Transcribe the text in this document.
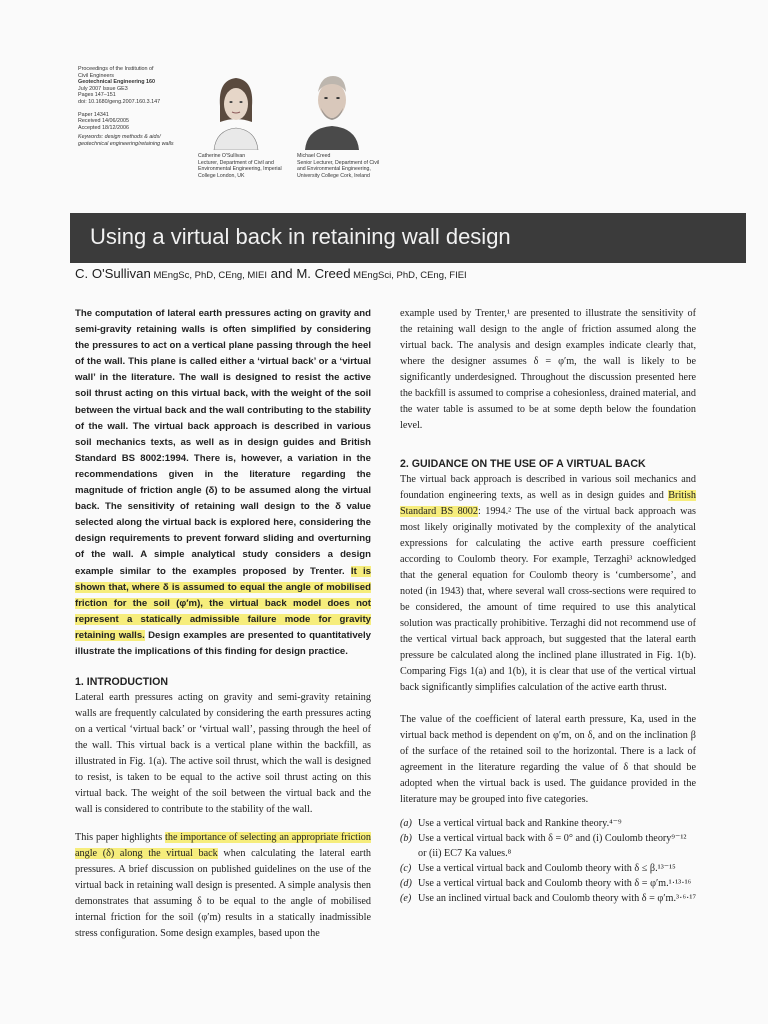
Proceedings of the Institution of
Civil Engineers
Geotechnical Engineering 160
July 2007 Issue GE3
Pages 147–151
doi: 10.1680/geng.2007.160.3.147
Paper 14341
Received 14/06/2005
Accepted 18/12/2006
Keywords: design methods & aids/ geotechnical engineering/retaining walls
Catherine O'Sullivan
Lecturer, Department of Civil and Environmental Engineering, Imperial College London, UK
Michael Creed
Senior Lecturer, Department of Civil and Environmental Engineering, University College Cork, Ireland
Using a virtual back in retaining wall design
C. O'Sullivan MEngSc, PhD, CEng, MIEI and M. Creed MEngSci, PhD, CEng, FIEI

The computation of lateral earth pressures acting on gravity and semi-gravity retaining walls is often simplified by considering the pressures to act on a vertical plane passing through the heel of the wall. This plane is called either a ‘virtual back’ or a ‘virtual wall’ in the literature. The wall is designed to resist the active soil thrust acting on this virtual back, with the weight of the soil between the virtual back and the wall contributing to the stability of the wall. The virtual back approach is described in various soil mechanics texts, as well as in design guides and British Standard BS 8002:1994. There is, however, a variation in the recommendations given in the literature regarding the magnitude of friction angle (δ) to be assumed along the virtual back. The sensitivity of retaining wall design to the δ value selected along the virtual back is explored here, considering the design requirements to prevent forward sliding and overturning of the wall. A simple analytical study considers a design example similar to the examples proposed by Trenter. It is shown that, where δ is assumed to equal the angle of mobilised friction for the soil (φ′m), the virtual back model does not represent a statically admissible failure mode for gravity retaining walls. Design examples are presented to quantitatively illustrate the implications of this finding for design practice.

1. INTRODUCTION

Lateral earth pressures acting on gravity and semi-gravity retaining walls are frequently calculated by considering the earth pressures acting on a vertical ‘virtual back’ or ‘virtual wall’, passing through the heel of the wall. This virtual back is a vertical plane within the backfill, as illustrated in Fig. 1(a). The active soil thrust, which the wall is designed to resist, is taken to be equal to the active soil thrust acting on this virtual back. The weight of the soil between the virtual back and the wall is considered to contribute to the stability of the wall.

This paper highlights the importance of selecting an appropriate friction angle (δ) along the virtual back when calculating the lateral earth pressures. A brief discussion on published guidelines on the use of the virtual back in retaining wall design is presented. A simple analysis then demonstrates that assuming δ to be equal to the angle of mobilised internal friction for the soil (φ′m) results in a statically inadmissible stress configuration. Some design examples, based upon the

example used by Trenter,¹ are presented to illustrate the sensitivity of the retaining wall design to the angle of friction assumed along the virtual back. The analysis and design examples indicate clearly that, where the designer assumes δ = φ′m, the wall is likely to be significantly underdesigned. Throughout the discussion presented here the backfill is assumed to comprise a cohesionless, drained material, and the water table is assumed to be at some depth below the foundation level.

2. GUIDANCE ON THE USE OF A VIRTUAL BACK

The virtual back approach is described in various soil mechanics and foundation engineering texts, as well as in design guides and British Standard BS 8002: 1994.² The use of the virtual back approach was most likely originally motivated by the complexity of the analytical expressions for calculating the active earth pressure coefficient according to Coulomb theory. For example, Terzaghi³ acknowledged that the general equation for Coulomb theory is ‘cumbersome’, and noted (in 1943) that, where several wall cross-sections were required to be considered, the amount of time required to use this analytical solution was practically prohibitive. Terzaghi did not recommend use of the vertical virtual back approach, but suggested that the lateral earth pressure be calculated along the inclined plane illustrated in Fig. 1(b). Comparing Figs 1(a) and 1(b), it is clear that use of the vertical virtual back significantly simplifies calculation of the active earth thrust.

The value of the coefficient of lateral earth pressure, Ka, used in the virtual back method is dependent on φ′m, on δ, and on the inclination β of the surface of the retained soil to the horizontal. There is a lack of agreement in the literature regarding the value of δ that should be adopted when the virtual back is used. The guidance provided in the literature may be grouped into five categories.

(a) Use a vertical virtual back and Rankine theory.⁴⁻⁹
(b) Use a vertical virtual back with δ = 0° and (i) Coulomb theory⁹⁻¹² or (ii) EC7 Ka values.⁸
(c) Use a vertical virtual back and Coulomb theory with δ ≤ β.¹³⁻¹⁵
(d) Use a vertical virtual back and Coulomb theory with δ = φ′m.¹·¹³·¹⁶
(e) Use an inclined virtual back and Coulomb theory with δ = φ′m.³·⁶·¹⁷
